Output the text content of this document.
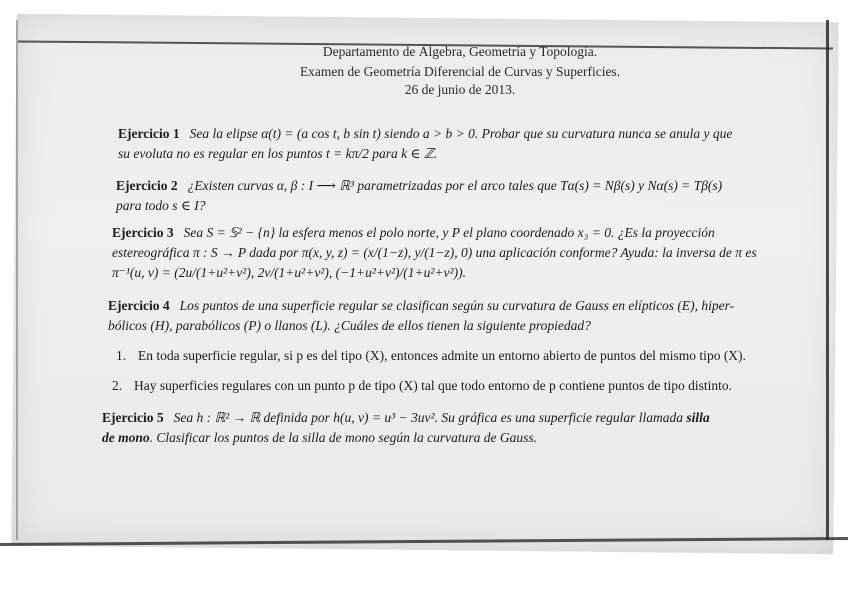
Departamento de Álgebra, Geometría y Topología.
Examen de Geometría Diferencial de Curvas y Superficies.
26 de junio de 2013.
Ejercicio 1 Sea la elipse α(t) = (a cos t, b sin t) siendo a > b > 0. Probar que su curvatura nunca se anula y que
su evoluta no es regular en los puntos t = kπ/2 para k ∈ ℤ.
Ejercicio 2 ¿Existen curvas α, β : I ⟶ ℝ³ parametrizadas por el arco tales que Tα(s) = Nβ(s) y Nα(s) = Tβ(s)
para todo s ∈ I?
Ejercicio 3 Sea S = 𝕊² − {n} la esfera menos el polo norte, y P el plano coordenado x₃ = 0. ¿Es la proyección
estereográfica π : S → P dada por π(x, y, z) = (x/(1−z), y/(1−z), 0) una aplicación conforme? Ayuda: la inversa de π es
π⁻¹(u, v) = (2u/(1+u²+v²), 2v/(1+u²+v²), (−1+u²+v²)/(1+u²+v²)).
Ejercicio 4 Los puntos de una superficie regular se clasifican según su curvatura de Gauss en elípticos (E), hiper-
bólicos (H), parabólicos (P) o llanos (L). ¿Cuáles de ellos tienen la siguiente propiedad?
1. En toda superficie regular, si p es del tipo (X), entonces admite un entorno abierto de puntos del mismo tipo (X).
2. Hay superficies regulares con un punto p de tipo (X) tal que todo entorno de p contiene puntos de tipo distinto.
Ejercicio 5 Sea h : ℝ² → ℝ definida por h(u, v) = u³ − 3uv². Su gráfica es una superficie regular llamada silla
de mono. Clasificar los puntos de la silla de mono según la curvatura de Gauss.
